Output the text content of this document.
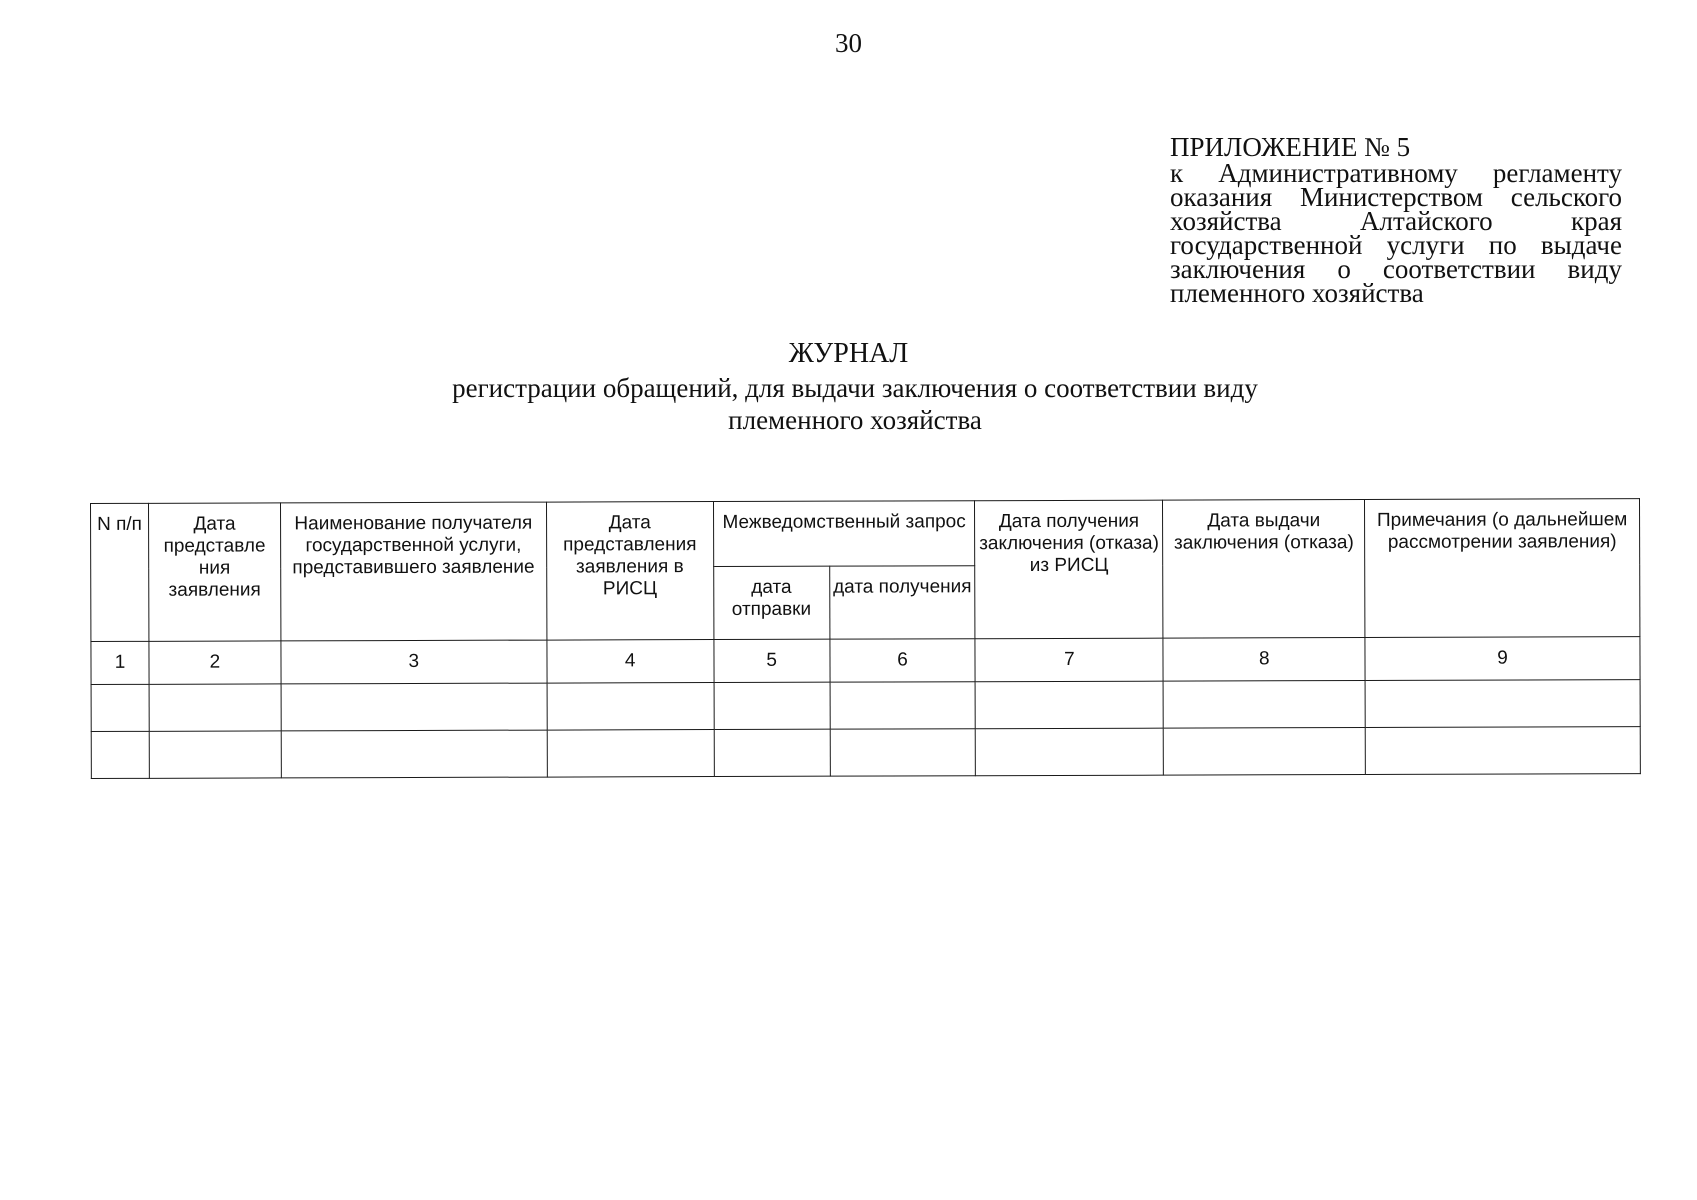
30

ПРИЛОЖЕНИЕ № 5

к Административному регламенту оказания Министерством сельского хозяйства Алтайского края государственной услуги по выдаче заключения о соответствии виду племенного хозяйства

ЖУРНАЛ
регистрации обращений, для выдачи заключения о соответствии виду
племенного хозяйства
N п/п	Дата представле ния заявления	Наименование получателя государственной услуги, представившего заявление	Дата представления заявления в РИСЦ	Межведомственный запрос		Дата получения заключения (отказа) из РИСЦ	Дата выдачи заключения (отказа)	Примечания (о дальнейшем рассмотрении заявления)
				дата отправки	дата получения			
1	2	3	4	5	6	7	8	9
